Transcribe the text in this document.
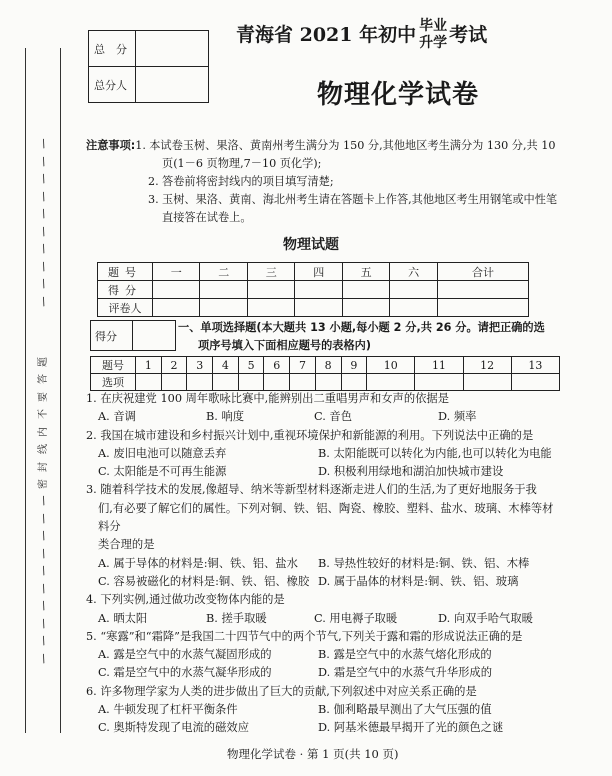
/
/
/
/
/
/
/
/
/
/
密
封
线
内
不
要
答
题
/
/
/
/
/
/
/
/
/
/
总　分	
总分人	
青海省 2021 年初中 毕业
升学 考试
物理化学试卷
注意事项: 1. 本试卷玉树、果洛、黄南州考生满分为 150 分,其他地区考生满分为 130 分,共 10
页(1－6 页物理,7－10 页化学);
2. 答卷前将密封线内的项目填写清楚;
3. 玉树、果洛、黄南、海北州考生请在答题卡上作答,其他地区考生用钢笔或中性笔
直接答在试卷上。
物理试题
题号	一	二	三	四	五	六	合计
得分							
评卷人							
得分	
一、单项选择题(本大题共 13 小题,每小题 2 分,共 26 分。请把正确的选
项序号填入下面相应题号的表格内)
题号	1	2	3	4	5	6	7	8	9	10	11	12	13
选项													
1. 在庆祝建党 100 周年歌咏比赛中,能辨别出二重唱男声和女声的依据是
A. 音调	B. 响度	C. 音色	D. 频率
2. 我国在城市建设和乡村振兴计划中,重视环境保护和新能源的利用。下列说法中正确的是
A. 废旧电池可以随意丢弃	B. 太阳能既可以转化为内能,也可以转化为电能
C. 太阳能是不可再生能源	D. 积极利用绿地和湖泊加快城市建设
3. 随着科学技术的发展,像超导、纳米等新型材料逐渐走进人们的生活,为了更好地服务于我
们,有必要了解它们的属性。下列对铜、铁、铝、陶瓷、橡胶、塑料、盐水、玻璃、木棒等材料分
类合理的是
A. 属于导体的材料是:铜、铁、铝、盐水	B. 导热性较好的材料是:铜、铁、铝、木棒
C. 容易被磁化的材料是:铜、铁、铝、橡胶 D. 属于晶体的材料是:铜、铁、铝、玻璃
4. 下列实例,通过做功改变物体内能的是
A. 晒太阳	B. 搓手取暖	C. 用电褥子取暖	D. 向双手哈气取暖
5. “寒露”和“霜降”是我国二十四节气中的两个节气,下列关于露和霜的形成说法正确的是
A. 露是空气中的水蒸气凝固形成的	B. 露是空气中的水蒸气熔化形成的
C. 霜是空气中的水蒸气凝华形成的	D. 霜是空气中的水蒸气升华形成的
6. 许多物理学家为人类的进步做出了巨大的贡献,下列叙述中对应关系正确的是
A. 牛顿发现了杠杆平衡条件	B. 伽利略最早测出了大气压强的值
C. 奥斯特发现了电流的磁效应	D. 阿基米德最早揭开了光的颜色之谜
物理化学试卷 · 第 1 页(共 10 页)
